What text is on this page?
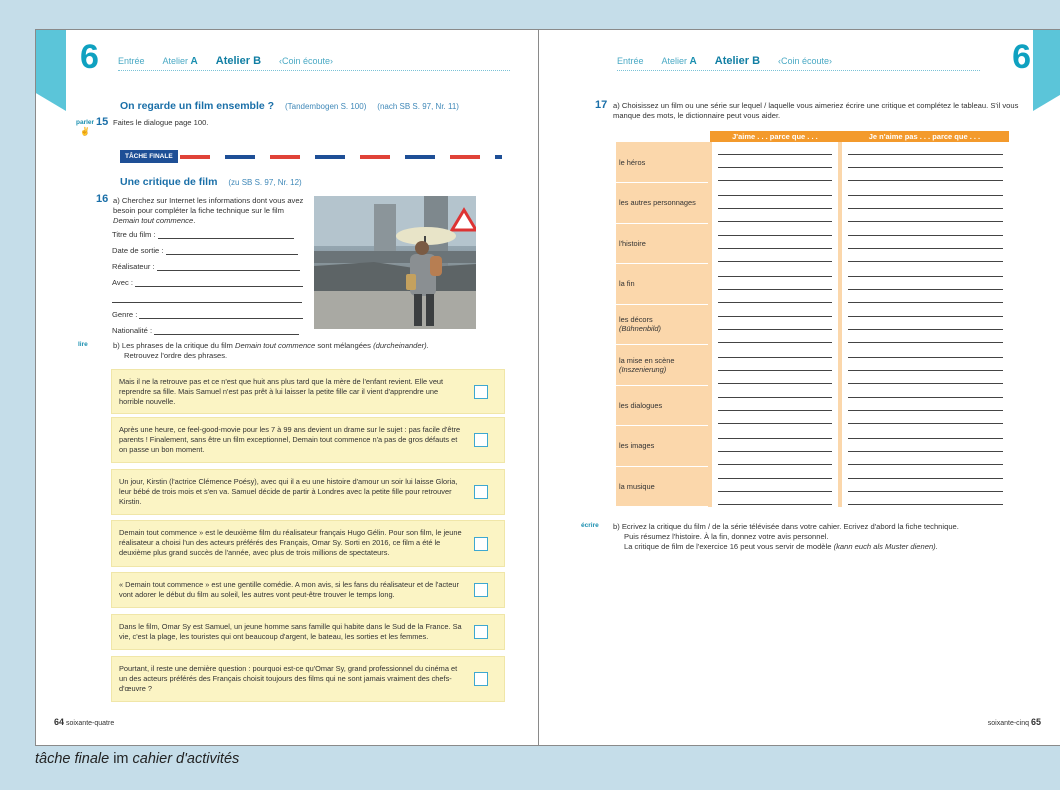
6 Entrée Atelier A Atelier B ‹Coin écoute›
On regarde un film ensemble ? (Tandembogen S. 100) (nach SB S. 97, Nr. 11)
parler
✌
15 Faites le dialogue page 100.
TÂCHE FINALE
Une critique de film (zu SB S. 97, Nr. 12)
16 a) Cherchez sur Internet les informations dont vous avez besoin pour compléter la fiche technique sur le film Demain tout commence.
Titre du film :
Date de sortie :
Réalisateur :
Avec :
Genre :
Nationalité :
lire	b) Les phrases de la critique du film Demain tout commence sont mélangées (durcheinander).
Retrouvez l'ordre des phrases.
Mais il ne la retrouve pas et ce n'est que huit ans plus tard que la mère de l'enfant revient. Elle veut reprendre sa fille. Mais Samuel n'est pas prêt à lui laisser la petite fille car il vient d'apprendre une horrible nouvelle.
Après une heure, ce feel-good-movie pour les 7 à 99 ans devient un drame sur le sujet : pas facile d'être parents ! Finalement, sans être un film exceptionnel, Demain tout commence n'a pas de gros défauts et on passe un bon moment.
Un jour, Kirstin (l'actrice Clémence Poésy), avec qui il a eu une histoire d'amour un soir lui laisse Gloria, leur bébé de trois mois et s'en va. Samuel décide de partir à Londres avec la petite fille pour retrouver Kirstin.
Demain tout commence » est le deuxième film du réalisateur français Hugo Gélin. Pour son film, le jeune réalisateur a choisi l'un des acteurs préférés des Français, Omar Sy. Sorti en 2016, ce film a été le deuxième plus grand succès de l'année, avec plus de trois millions de spectateurs.
« Demain tout commence » est une gentille comédie. A mon avis, si les fans du réalisateur et de l'acteur vont adorer le début du film au soleil, les autres vont peut-être trouver le temps long.
Dans le film, Omar Sy est Samuel, un jeune homme sans famille qui habite dans le Sud de la France. Sa vie, c'est la plage, les touristes qui ont beaucoup d'argent, le bateau, les sorties et les femmes.
Pourtant, il reste une dernière question : pourquoi est-ce qu'Omar Sy, grand professionnel du cinéma et un des acteurs préférés des Français choisit toujours des films qui ne sont jamais vraiment des chefs-d'œuvre ?
64 soixante-quatre
6
Entrée Atelier A Atelier B ‹Coin écoute›
17 a) Choisissez un film ou une série sur lequel / laquelle vous aimeriez écrire une critique et complétez le tableau. S'il vous manque des mots, le dictionnaire peut vous aider.
	J'aime . . . parce que . . .	Je n'aime pas . . . parce que . . .
le héros	

les autres personnages	

l'histoire	

la fin	

les décors
(Bühnenbild)	

la mise en scène
(Inszenierung)	

les dialogues	

les images	

la musique	

écrire b) Ecrivez la critique du film / de la série télévisée dans votre cahier. Ecrivez d'abord la fiche technique.
Puis résumez l'histoire. À la fin, donnez votre avis personnel.
La critique de film de l'exercice 16 peut vous servir de modèle (kann euch als Muster dienen).
soixante-cinq 65
tâche finale im cahier d'activités
